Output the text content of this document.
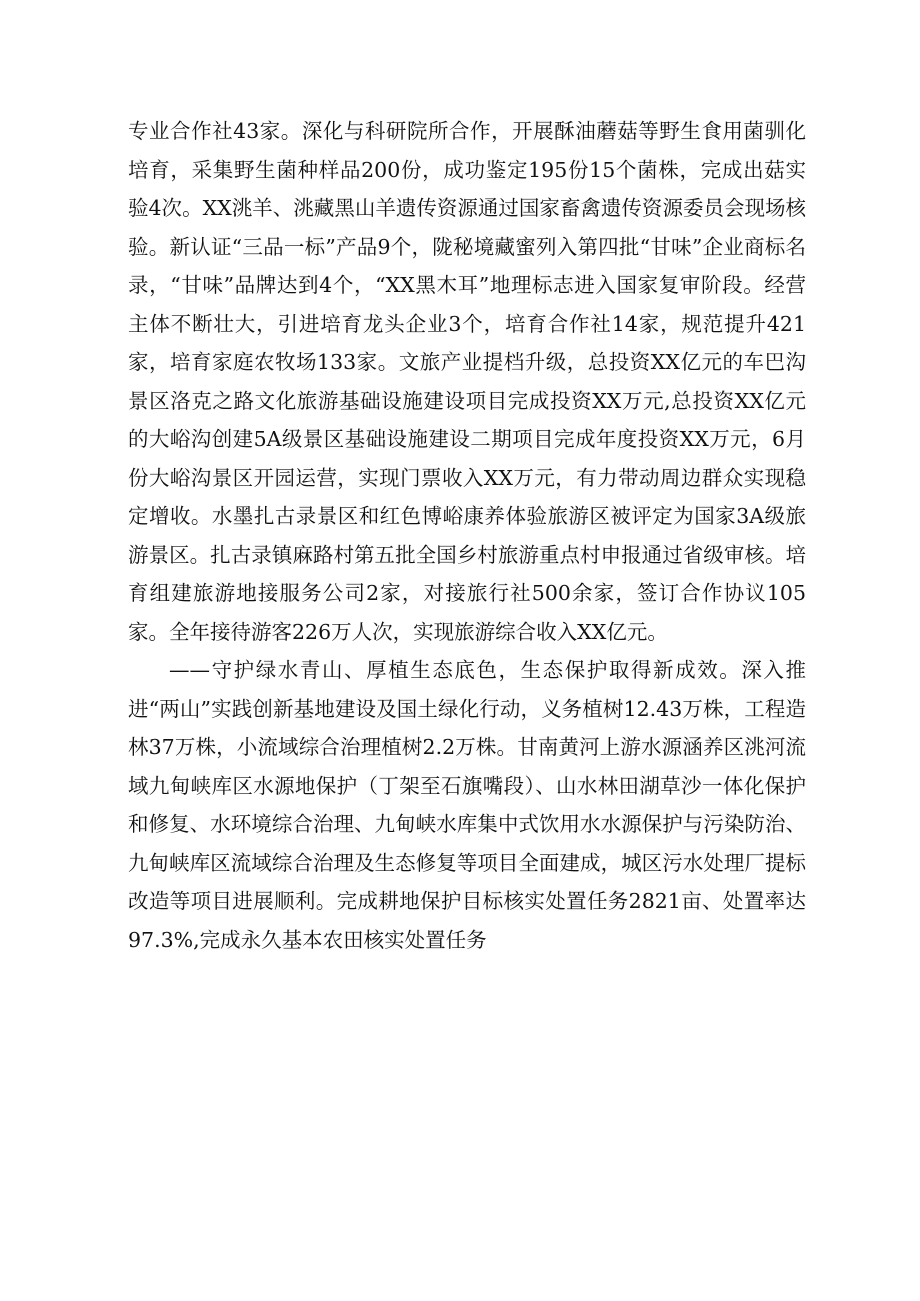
专业合作社43家。深化与科研院所合作，开展酥油蘑菇等野生食用菌驯化培育，采集野生菌种样品200份，成功鉴定195份15个菌株，完成出菇实验4次。XX洮羊、洮藏黑山羊遗传资源通过国家畜禽遗传资源委员会现场核验。新认证“三品一标”产品9个，陇秘境藏蜜列入第四批“甘味”企业商标名录，“甘味”品牌达到4个，“XX黑木耳”地理标志进入国家复审阶段。经营主体不断壮大，引进培育龙头企业3个，培育合作社14家，规范提升421家，培育家庭农牧场133家。文旅产业提档升级，总投资XX亿元的车巴沟景区洛克之路文化旅游基础设施建设项目完成投资XX万元,总投资XX亿元的大峪沟创建5A级景区基础设施建设二期项目完成年度投资XX万元，6月份大峪沟景区开园运营，实现门票收入XX万元，有力带动周边群众实现稳定增收。水墨扎古录景区和红色博峪康养体验旅游区被评定为国家3A级旅游景区。扎古录镇麻路村第五批全国乡村旅游重点村申报通过省级审核。培育组建旅游地接服务公司2家，对接旅行社500余家，签订合作协议105家。全年接待游客226万人次，实现旅游综合收入XX亿元。

——守护绿水青山、厚植生态底色，生态保护取得新成效。深入推进“两山”实践创新基地建设及国土绿化行动，义务植树12.43万株，工程造林37万株，小流域综合治理植树2.2万株。甘南黄河上游水源涵养区洮河流域九甸峡库区水源地保护（丁架至石旗嘴段）、山水林田湖草沙一体化保护和修复、水环境综合治理、九甸峡水库集中式饮用水水源保护与污染防治、九甸峡库区流域综合治理及生态修复等项目全面建成，城区污水处理厂提标改造等项目进展顺利。完成耕地保护目标核实处置任务2821亩、处置率达97.3%,完成永久基本农田核实处置任务
